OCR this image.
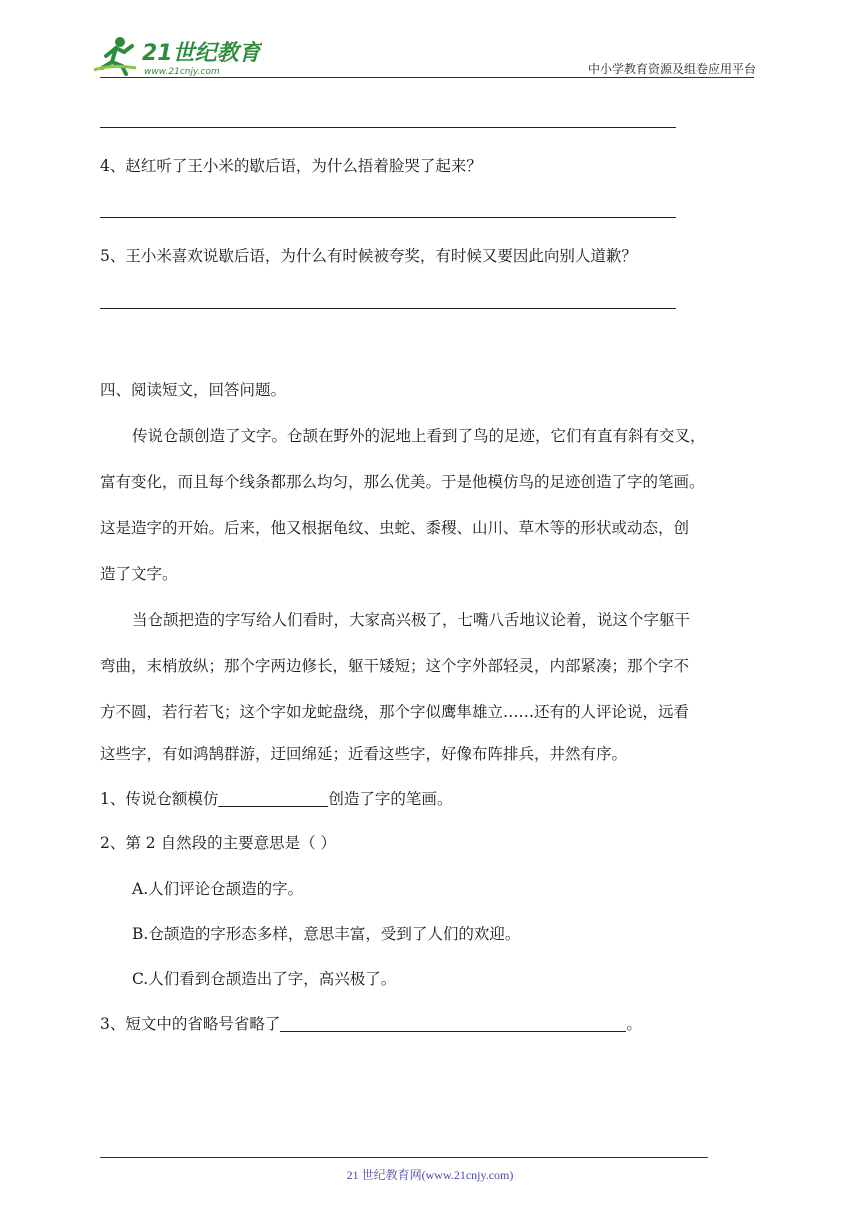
21世纪教育
www.21cnjy.com	中小学教育资源及组卷应用平台
4、赵红听了王小米的歇后语，为什么捂着脸哭了起来？
5、王小米喜欢说歇后语，为什么有时候被夸奖，有时候又要因此向别人道歉？
四、阅读短文，回答问题。
传说仓颉创造了文字。仓颉在野外的泥地上看到了鸟的足迹，它们有直有斜有交叉，
富有变化，而且每个线条都那么均匀，那么优美。于是他模仿鸟的足迹创造了字的笔画。
这是造字的开始。后来，他又根据龟纹、虫蛇、黍稷、山川、草木等的形状或动态，创
造了文字。
当仓颉把造的字写给人们看时，大家高兴极了，七嘴八舌地议论着，说这个字躯干
弯曲，末梢放纵；那个字两边修长，躯干矮短；这个字外部轻灵，内部紧凑；那个字不
方不圆，若行若飞；这个字如龙蛇盘绕，那个字似鹰隼雄立……还有的人评论说，远看
这些字，有如鸿鹄群游，迂回绵延；近看这些字，好像布阵排兵，井然有序。
1、传说仓额模仿	创造了字的笔画。
2、第 2 自然段的主要意思是（ ）
A.人们评论仓颉造的字。
B.仓颉造的字形态多样，意思丰富，受到了人们的欢迎。
C.人们看到仓颉造出了字，高兴极了。
3、短文中的省略号省略了	。
21 世纪教育网(www.21cnjy.com)
